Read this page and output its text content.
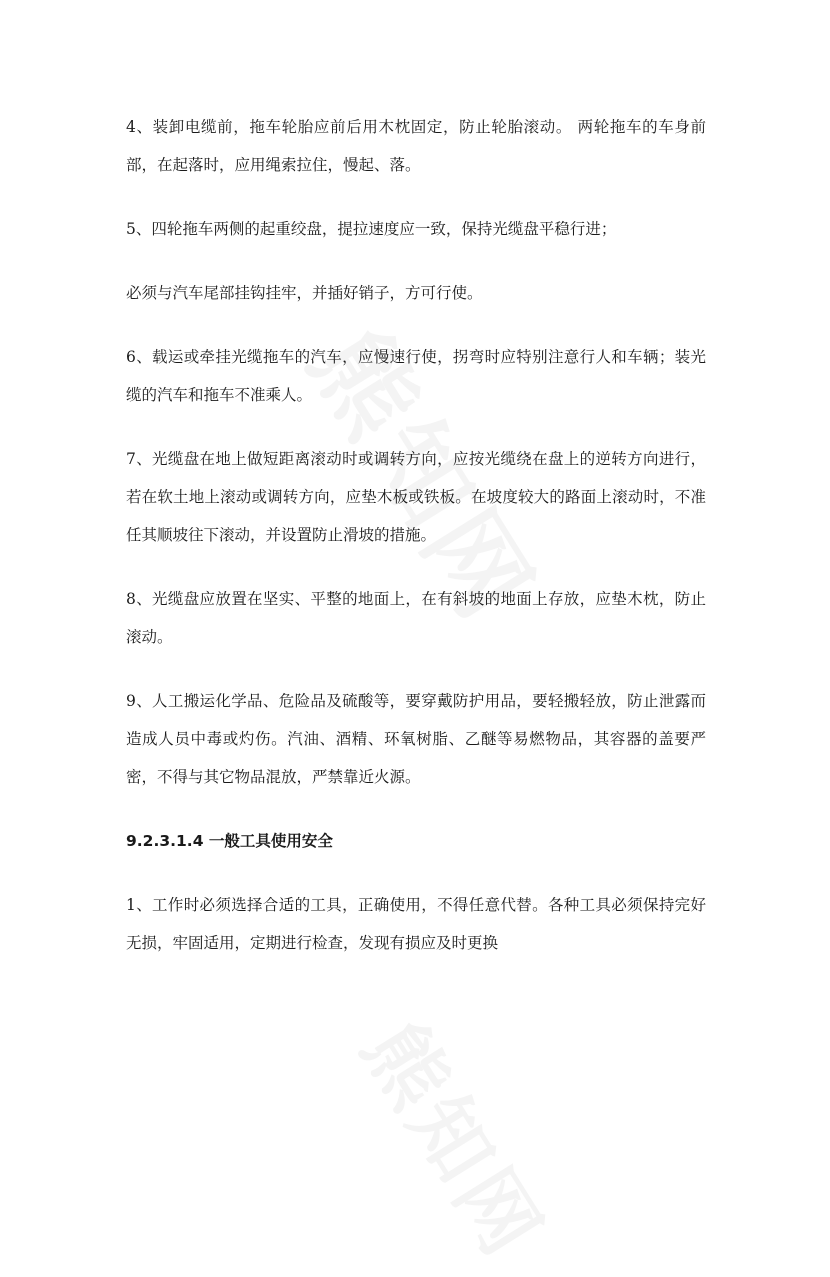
4、装卸电缆前，拖车轮胎应前后用木枕固定，防止轮胎滚动。 两轮拖车的车身前部，在起落时，应用绳索拉住，慢起、落。

5、四轮拖车两侧的起重绞盘，提拉速度应一致，保持光缆盘平稳行进；

必须与汽车尾部挂钩挂牢，并插好销子，方可行使。

6、载运或牵挂光缆拖车的汽车，应慢速行使，拐弯时应特别注意行人和车辆；装光缆的汽车和拖车不准乘人。

7、光缆盘在地上做短距离滚动时或调转方向，应按光缆绕在盘上的逆转方向进行，若在软土地上滚动或调转方向，应垫木板或铁板。在坡度较大的路面上滚动时，不准任其顺坡往下滚动，并设置防止滑坡的措施。

8、光缆盘应放置在坚实、平整的地面上，在有斜坡的地面上存放，应垫木枕，防止滚动。

9、人工搬运化学品、危险品及硫酸等，要穿戴防护用品，要轻搬轻放，防止泄露而造成人员中毒或灼伤。汽油、酒精、环氧树脂、乙醚等易燃物品，其容器的盖要严密，不得与其它物品混放，严禁靠近火源。

9.2.3.1.4 一般工具使用安全

1、工作时必须选择合适的工具，正确使用，不得任意代替。各种工具必须保持完好无损，牢固适用，定期进行检查，发现有损应及时更换
